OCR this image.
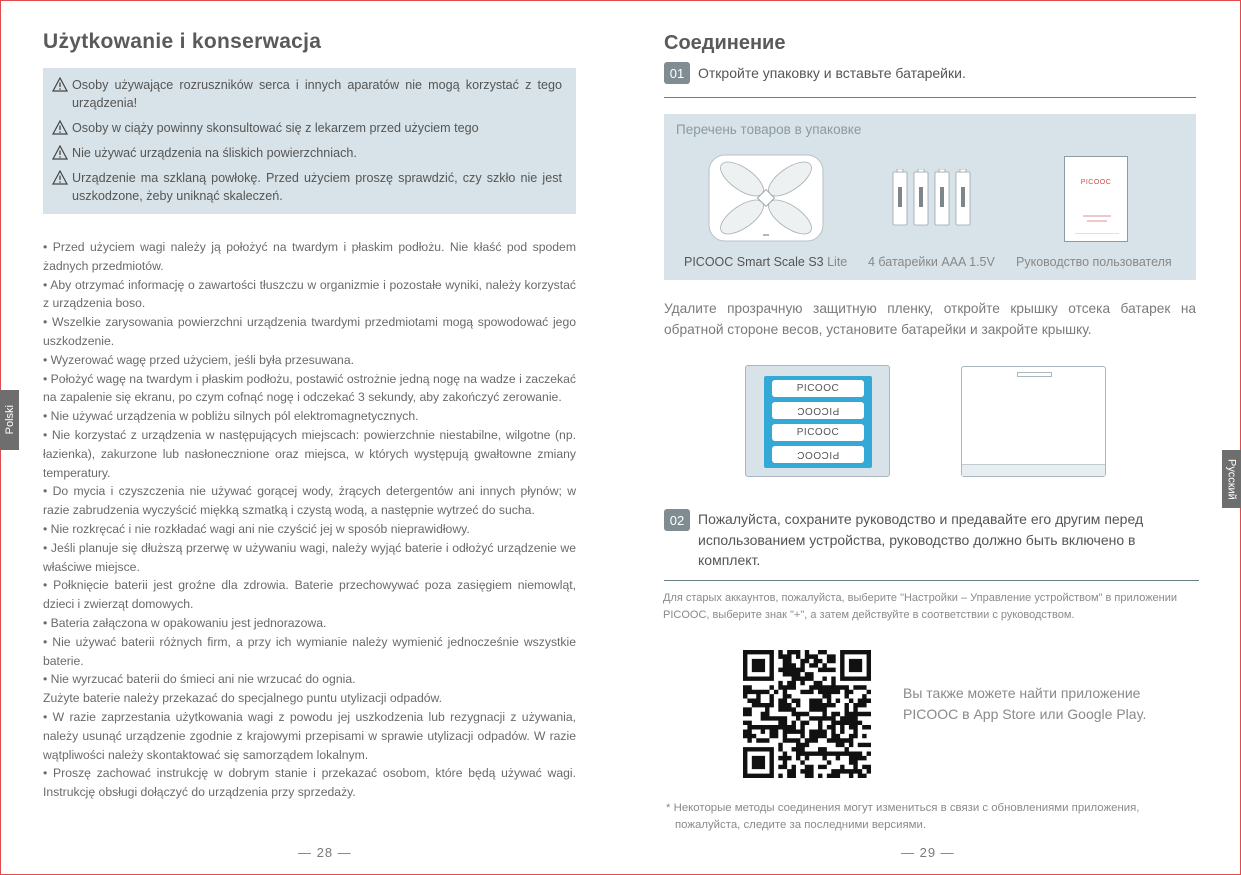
Użytkowanie i konserwacja
Osoby używające rozruszników serca i innych aparatów nie mogą korzystać z tego urządzenia!
Osoby w ciąży powinny skonsultować się z lekarzem przed użyciem tego
Nie używać urządzenia na śliskich powierzchniach.
Urządzenie ma szklaną powłokę. Przed użyciem proszę sprawdzić, czy szkło nie jest uszkodzone, żeby uniknąć skaleczeń.

• Przed użyciem wagi należy ją położyć na twardym i płaskim podłożu. Nie kłaść pod spodem żadnych przedmiotów.

• Aby otrzymać informację o zawartości tłuszczu w organizmie i pozostałe wyniki, należy korzystać z urządzenia boso.

• Wszelkie zarysowania powierzchni urządzenia twardymi przedmiotami mogą spowodować jego uszkodzenie.

• Wyzerować wagę przed użyciem, jeśli była przesuwana.

• Położyć wagę na twardym i płaskim podłożu, postawić ostrożnie jedną nogę na wadze i zaczekać na zapalenie się ekranu, po czym cofnąć nogę i odczekać 3 sekundy, aby zakończyć zerowanie.

• Nie używać urządzenia w pobliżu silnych pól elektromagnetycznych.

• Nie korzystać z urządzenia w następujących miejscach: powierzchnie niestabilne, wilgotne (np. łazienka), zakurzone lub nasłonecznione oraz miejsca, w których występują gwałtowne zmiany temperatury.

• Do mycia i czyszczenia nie używać gorącej wody, żrących detergentów ani innych płynów; w razie zabrudzenia wyczyścić miękką szmatką i czystą wodą, a następnie wytrzeć do sucha.

• Nie rozkręcać i nie rozkładać wagi ani nie czyścić jej w sposób nieprawidłowy.

• Jeśli planuje się dłuższą przerwę w używaniu wagi, należy wyjąć baterie i odłożyć urządzenie we właściwe miejsce.

• Połknięcie baterii jest groźne dla zdrowia. Baterie przechowywać poza zasięgiem niemowląt, dzieci i zwierząt domowych.

• Bateria załączona w opakowaniu jest jednorazowa.

• Nie używać baterii różnych firm, a przy ich wymianie należy wymienić jednocześnie wszystkie baterie.

• Nie wyrzucać baterii do śmieci ani nie wrzucać do ognia.

Zużyte baterie należy przekazać do specjalnego puntu utylizacji odpadów.

• W razie zaprzestania użytkowania wagi z powodu jej uszkodzenia lub rezygnacji z używania, należy usunąć urządzenie zgodnie z krajowymi przepisami w sprawie utylizacji odpadów. W razie wątpliwości należy skontaktować się samorządem lokalnym.

• Proszę zachować instrukcję w dobrym stanie i przekazać osobom, które będą używać wagi. Instrukcję obsługi dołączyć do urządzenia przy sprzedaży.

— 28 —
Polski
Соединение
01 Откройте упаковку и вставьте батарейки.
Перечень товаров в упаковке
PICOOC
PICOOC Smart Scale S3 Lite 4 батарейки AAA 1.5V Руководство пользователя

Удалите прозрачную защитную пленку, откройте крышку отсека батарек на обратной стороне весов, установите батарейки и закройте крышку.

PICOOC
PICOOC
PICOOC
PICOOC
02 Пожалуйста, сохраните руководство и предавайте его другим перед использованием устройства, руководство должно быть включено в комплект.

Для старых аккаунтов, пожалуйста, выберите "Настройки – Управление устройством" в приложении PICOOC, выберите знак "+", а затем действуйте в соответствии с руководством.

Вы также можете найти приложение PICOOC в App Store или Google Play.

* Некоторые методы соединения могут измениться в связи с обновлениями приложения,
пожалуйста, следите за последними версиями.
— 29 —
Русский
